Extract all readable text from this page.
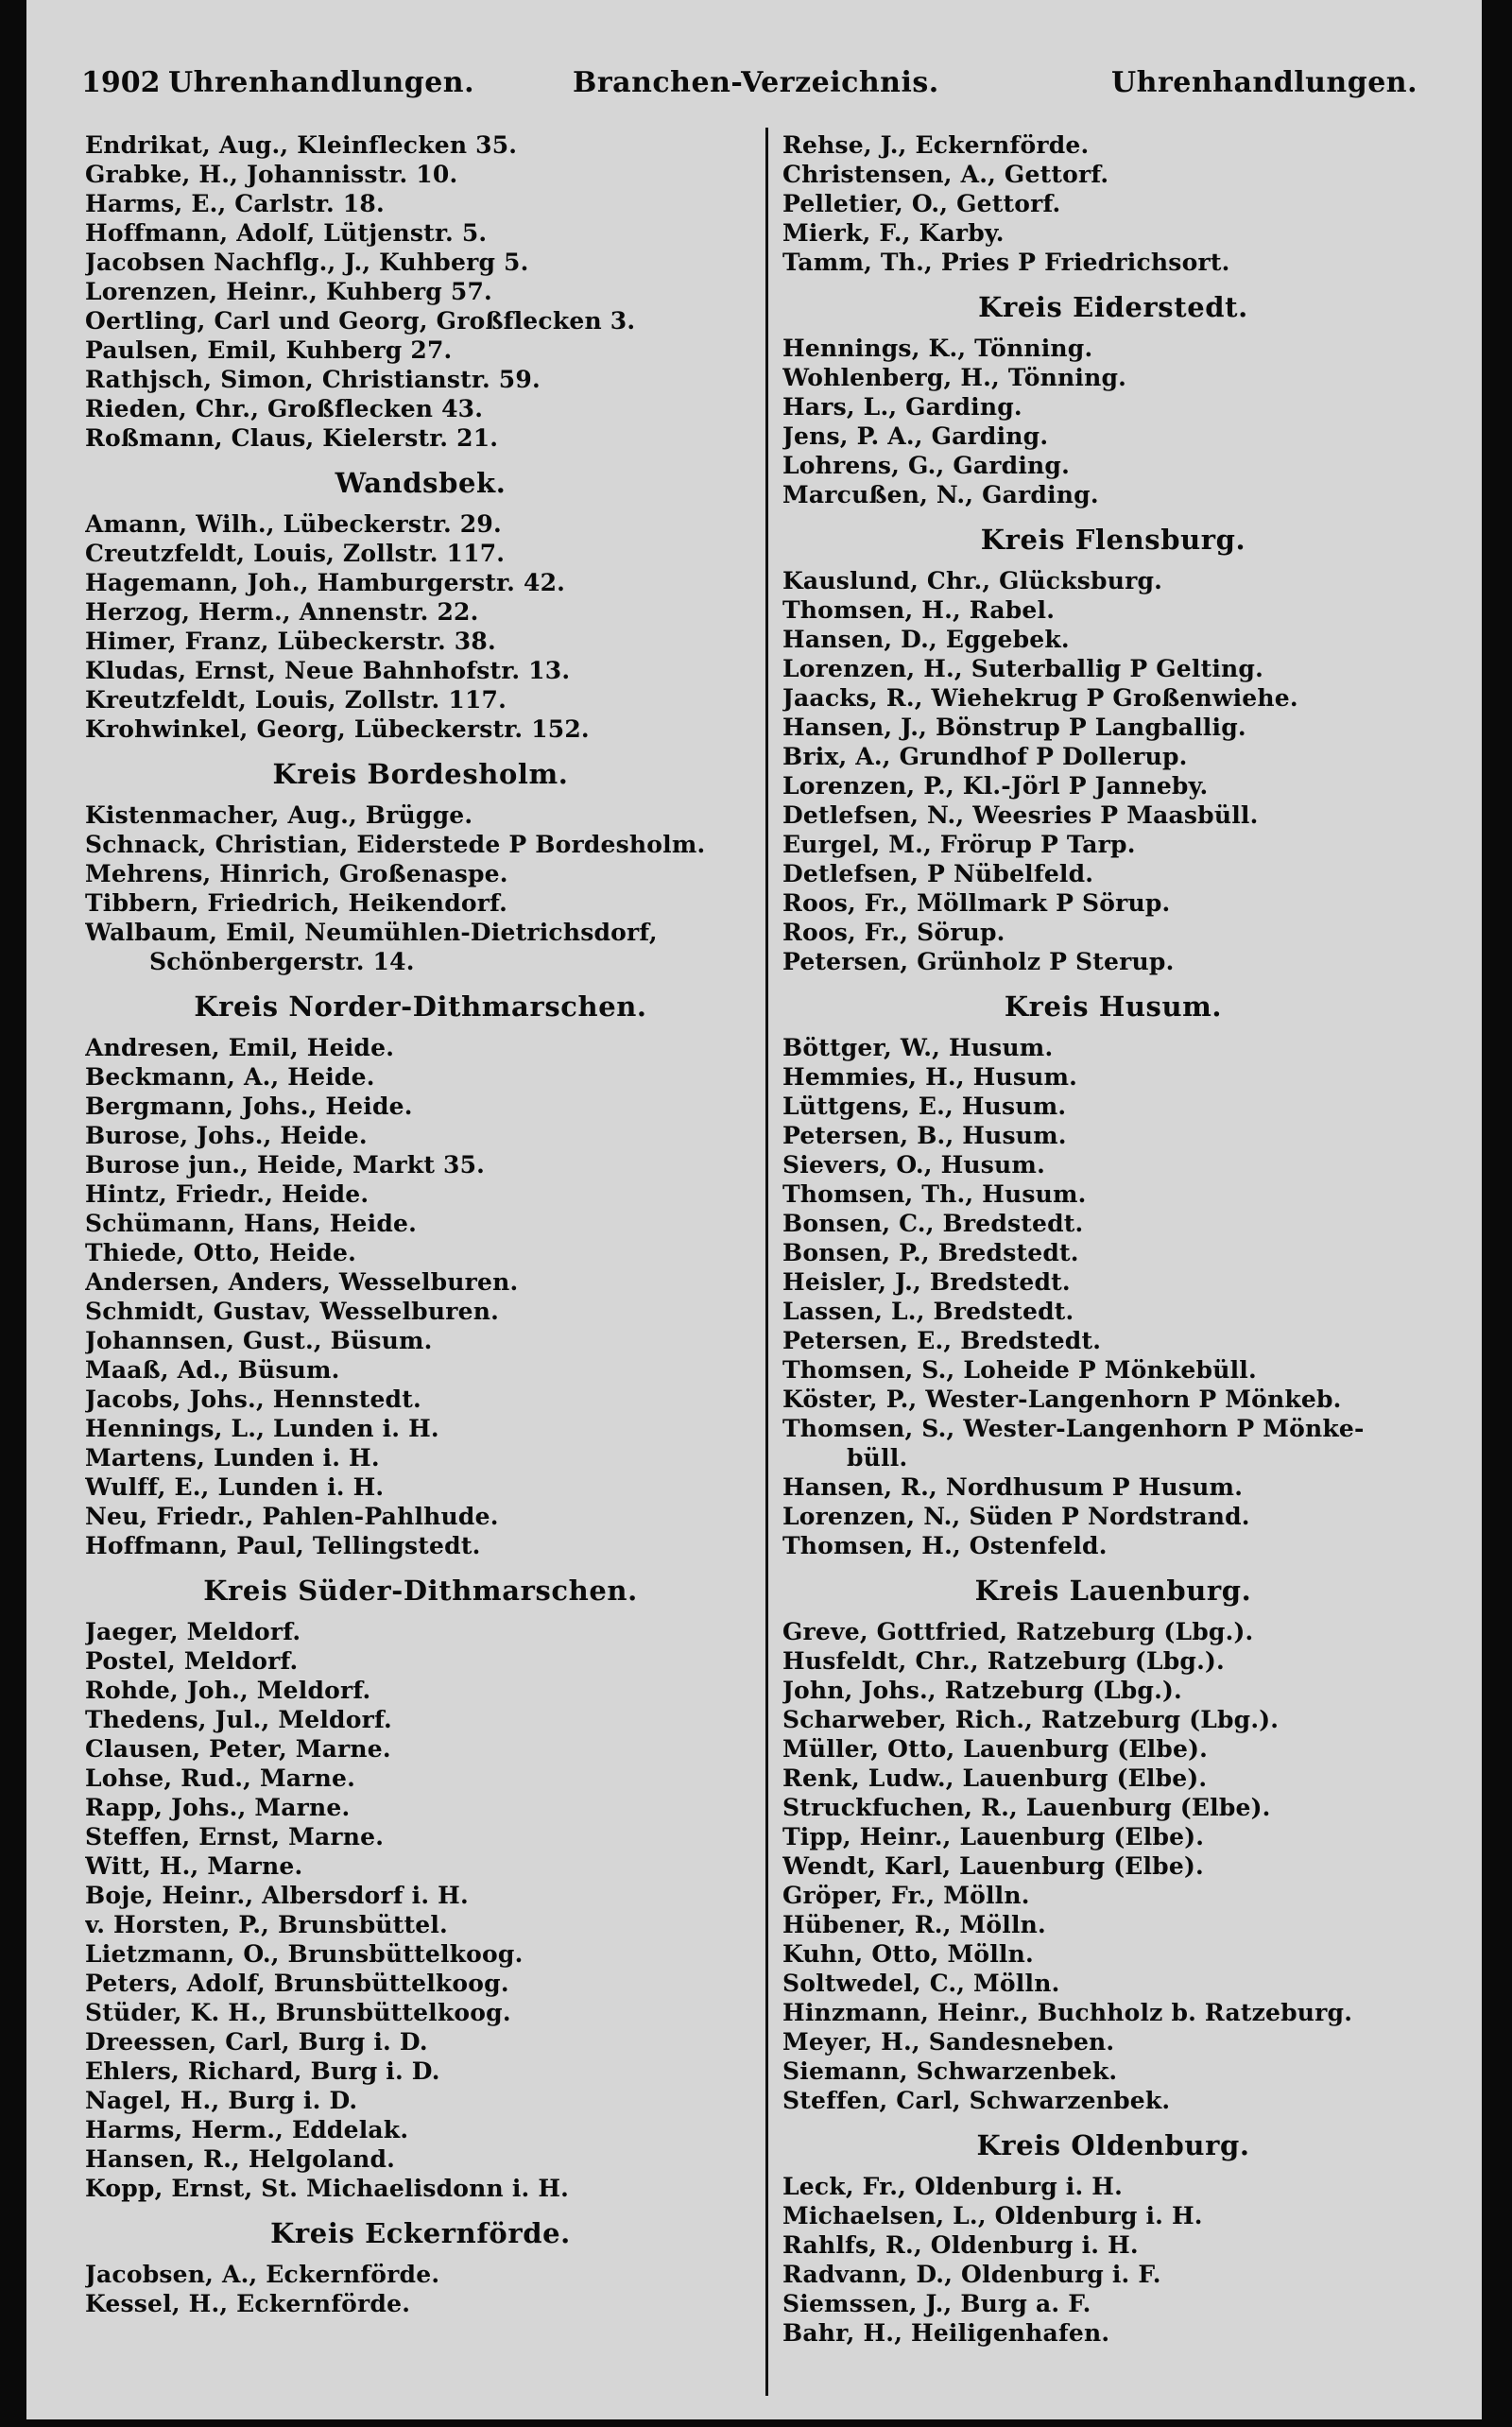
1902 Uhrenhandlungen.	Branchen-Verzeichnis.	Uhrenhandlungen.
Endrikat, Aug., Kleinflecken 35.
Grabke, H., Johannisstr. 10.
Harms, E., Carlstr. 18.
Hoffmann, Adolf, Lütjenstr. 5.
Jacobsen Nachflg., J., Kuhberg 5.
Lorenzen, Heinr., Kuhberg 57.
Oertling, Carl und Georg, Großflecken 3.
Paulsen, Emil, Kuhberg 27.
Rathjsch, Simon, Christianstr. 59.
Rieden, Chr., Großflecken 43.
Roßmann, Claus, Kielerstr. 21.
Wandsbek.
Amann, Wilh., Lübeckerstr. 29.
Creutzfeldt, Louis, Zollstr. 117.
Hagemann, Joh., Hamburgerstr. 42.
Herzog, Herm., Annenstr. 22.
Himer, Franz, Lübeckerstr. 38.
Kludas, Ernst, Neue Bahnhofstr. 13.
Kreutzfeldt, Louis, Zollstr. 117.
Krohwinkel, Georg, Lübeckerstr. 152.
Kreis Bordesholm.
Kistenmacher, Aug., Brügge.
Schnack, Christian, Eiderstede P Bordesholm.
Mehrens, Hinrich, Großenaspe.
Tibbern, Friedrich, Heikendorf.
Walbaum, Emil, Neumühlen-Dietrichsdorf,
Schönbergerstr. 14.
Kreis Norder-Dithmarschen.
Andresen, Emil, Heide.
Beckmann, A., Heide.
Bergmann, Johs., Heide.
Burose, Johs., Heide.
Burose jun., Heide, Markt 35.
Hintz, Friedr., Heide.
Schümann, Hans, Heide.
Thiede, Otto, Heide.
Andersen, Anders, Wesselburen.
Schmidt, Gustav, Wesselburen.
Johannsen, Gust., Büsum.
Maaß, Ad., Büsum.
Jacobs, Johs., Hennstedt.
Hennings, L., Lunden i. H.
Martens, Lunden i. H.
Wulff, E., Lunden i. H.
Neu, Friedr., Pahlen-Pahlhude.
Hoffmann, Paul, Tellingstedt.
Kreis Süder-Dithmarschen.
Jaeger, Meldorf.
Postel, Meldorf.
Rohde, Joh., Meldorf.
Thedens, Jul., Meldorf.
Clausen, Peter, Marne.
Lohse, Rud., Marne.
Rapp, Johs., Marne.
Steffen, Ernst, Marne.
Witt, H., Marne.
Boje, Heinr., Albersdorf i. H.
v. Horsten, P., Brunsbüttel.
Lietzmann, O., Brunsbüttelkoog.
Peters, Adolf, Brunsbüttelkoog.
Stüder, K. H., Brunsbüttelkoog.
Dreessen, Carl, Burg i. D.
Ehlers, Richard, Burg i. D.
Nagel, H., Burg i. D.
Harms, Herm., Eddelak.
Hansen, R., Helgoland.
Kopp, Ernst, St. Michaelisdonn i. H.
Kreis Eckernförde.
Jacobsen, A., Eckernförde.
Kessel, H., Eckernförde.
Rehse, J., Eckernförde.
Christensen, A., Gettorf.
Pelletier, O., Gettorf.
Mierk, F., Karby.
Tamm, Th., Pries P Friedrichsort.
Kreis Eiderstedt.
Hennings, K., Tönning.
Wohlenberg, H., Tönning.
Hars, L., Garding.
Jens, P. A., Garding.
Lohrens, G., Garding.
Marcußen, N., Garding.
Kreis Flensburg.
Kauslund, Chr., Glücksburg.
Thomsen, H., Rabel.
Hansen, D., Eggebek.
Lorenzen, H., Suterballig P Gelting.
Jaacks, R., Wiehekrug P Großenwiehe.
Hansen, J., Bönstrup P Langballig.
Brix, A., Grundhof P Dollerup.
Lorenzen, P., Kl.-Jörl P Janneby.
Detlefsen, N., Weesries P Maasbüll.
Eurgel, M., Frörup P Tarp.
Detlefsen, P Nübelfeld.
Roos, Fr., Möllmark P Sörup.
Roos, Fr., Sörup.
Petersen, Grünholz P Sterup.
Kreis Husum.
Böttger, W., Husum.
Hemmies, H., Husum.
Lüttgens, E., Husum.
Petersen, B., Husum.
Sievers, O., Husum.
Thomsen, Th., Husum.
Bonsen, C., Bredstedt.
Bonsen, P., Bredstedt.
Heisler, J., Bredstedt.
Lassen, L., Bredstedt.
Petersen, E., Bredstedt.
Thomsen, S., Loheide P Mönkebüll.
Köster, P., Wester-Langenhorn P Mönkeb.
Thomsen, S., Wester-Langenhorn P Mönke-
büll.
Hansen, R., Nordhusum P Husum.
Lorenzen, N., Süden P Nordstrand.
Thomsen, H., Ostenfeld.
Kreis Lauenburg.
Greve, Gottfried, Ratzeburg (Lbg.).
Husfeldt, Chr., Ratzeburg (Lbg.).
John, Johs., Ratzeburg (Lbg.).
Scharweber, Rich., Ratzeburg (Lbg.).
Müller, Otto, Lauenburg (Elbe).
Renk, Ludw., Lauenburg (Elbe).
Struckfuchen, R., Lauenburg (Elbe).
Tipp, Heinr., Lauenburg (Elbe).
Wendt, Karl, Lauenburg (Elbe).
Gröper, Fr., Mölln.
Hübener, R., Mölln.
Kuhn, Otto, Mölln.
Soltwedel, C., Mölln.
Hinzmann, Heinr., Buchholz b. Ratzeburg.
Meyer, H., Sandesneben.
Siemann, Schwarzenbek.
Steffen, Carl, Schwarzenbek.
Kreis Oldenburg.
Leck, Fr., Oldenburg i. H.
Michaelsen, L., Oldenburg i. H.
Rahlfs, R., Oldenburg i. H.
Radvann, D., Oldenburg i. F.
Siemssen, J., Burg a. F.
Bahr, H., Heiligenhafen.
